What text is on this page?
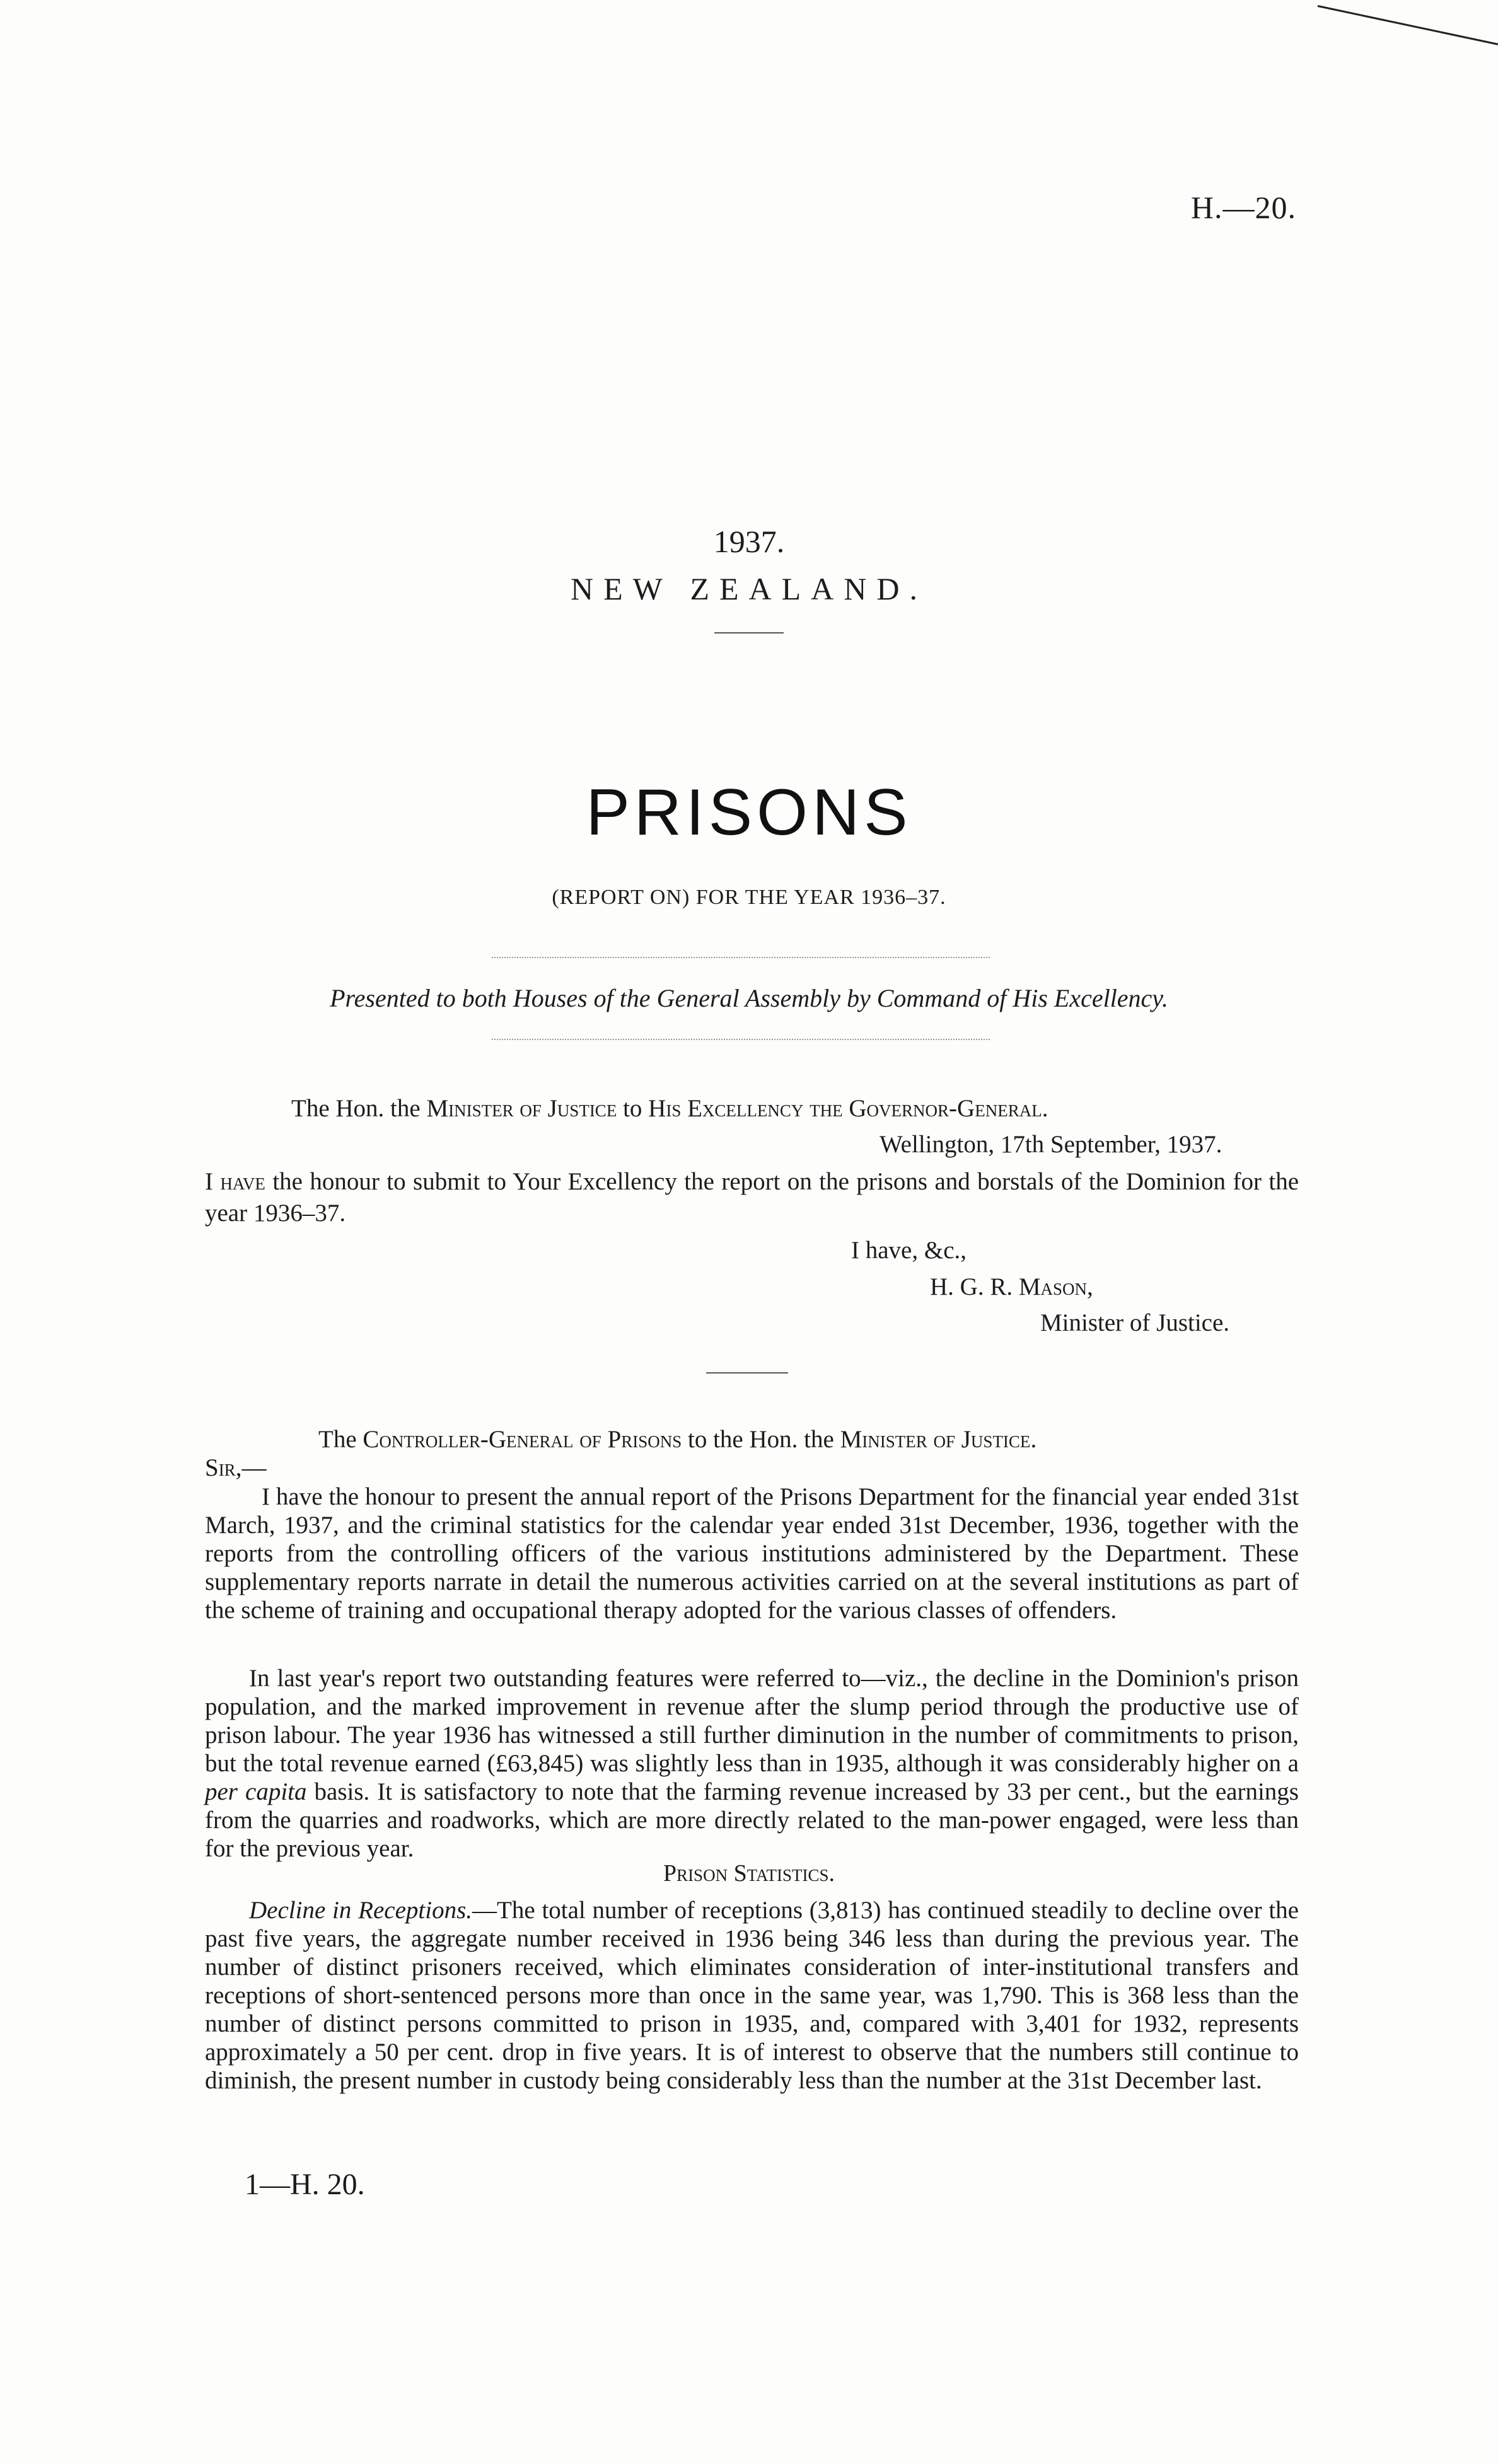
H.—20.
1937.
NEW ZEALAND.
PRISONS
(REPORT ON) FOR THE YEAR 1936–37.
Presented to both Houses of the General Assembly by Command of His Excellency.
The Hon. the Minister of Justice to His Excellency the Governor-General.
Wellington, 17th September, 1937.
I have the honour to submit to Your Excellency the report on the prisons and borstals of the Dominion for the year 1936–37.
I have, &c.,
H. G. R. Mason,
Minister of Justice.
The Controller-General of Prisons to the Hon. the Minister of Justice.
Sir,—
I have the honour to present the annual report of the Prisons Department for the financial year ended 31st March, 1937, and the criminal statistics for the calendar year ended 31st December, 1936, together with the reports from the controlling officers of the various institutions administered by the Department. These supplementary reports narrate in detail the numerous activities carried on at the several institutions as part of the scheme of training and occupational therapy adopted for the various classes of offenders.
In last year's report two outstanding features were referred to—viz., the decline in the Dominion's prison population, and the marked improvement in revenue after the slump period through the productive use of prison labour. The year 1936 has witnessed a still further diminution in the number of commitments to prison, but the total revenue earned (£63,845) was slightly less than in 1935, although it was considerably higher on a per capita basis. It is satisfactory to note that the farming revenue increased by 33 per cent., but the earnings from the quarries and roadworks, which are more directly related to the man-power engaged, were less than for the previous year.
Prison Statistics.
Decline in Receptions.—The total number of receptions (3,813) has continued steadily to decline over the past five years, the aggregate number received in 1936 being 346 less than during the previous year. The number of distinct prisoners received, which eliminates consideration of inter-institutional transfers and receptions of short-sentenced persons more than once in the same year, was 1,790. This is 368 less than the number of distinct persons committed to prison in 1935, and, compared with 3,401 for 1932, represents approximately a 50 per cent. drop in five years. It is of interest to observe that the numbers still continue to diminish, the present number in custody being considerably less than the number at the 31st December last.
1—H. 20.
